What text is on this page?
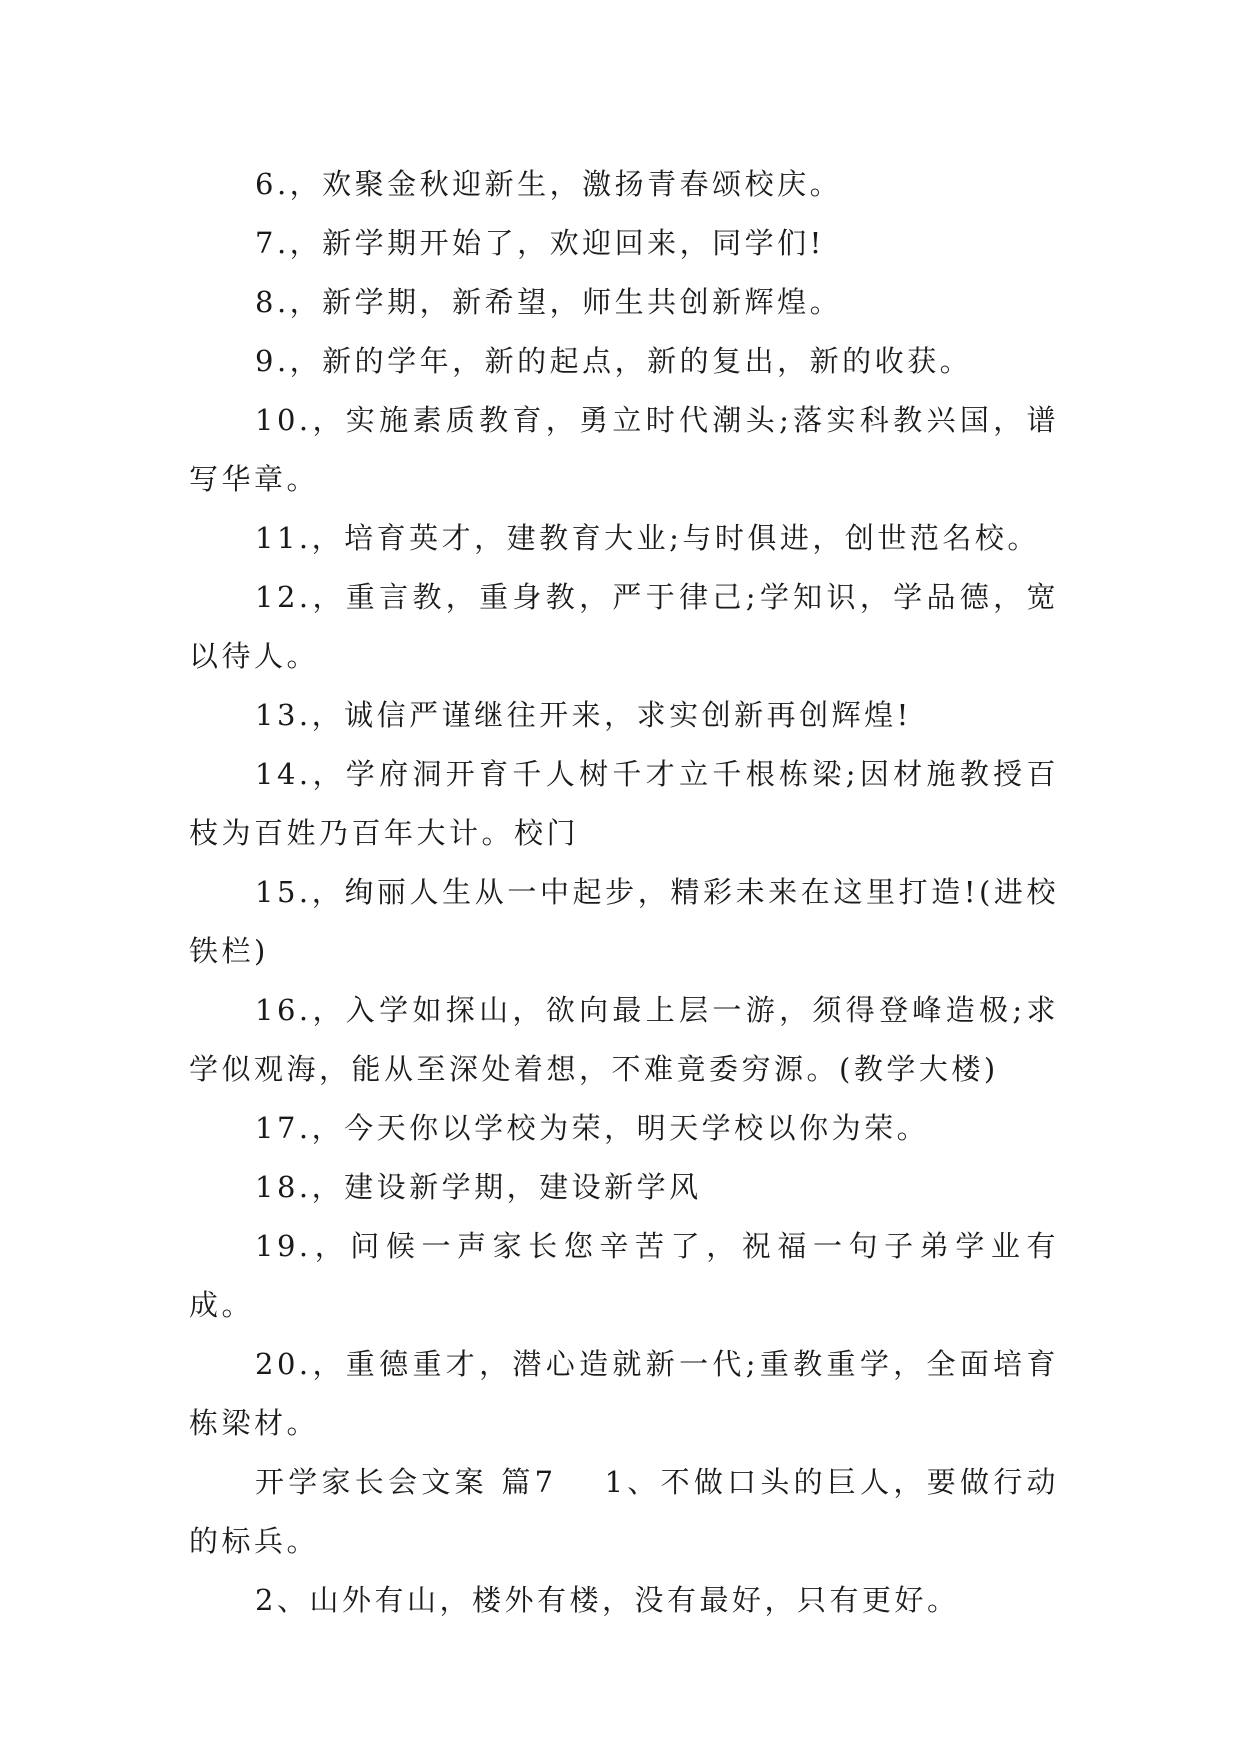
6.，欢聚金秋迎新生，激扬青春颂校庆。

7.，新学期开始了，欢迎回来，同学们!

8.，新学期，新希望，师生共创新辉煌。

9.，新的学年，新的起点，新的复出，新的收获。

10.，实施素质教育，勇立时代潮头;落实科教兴国，谱写华章。

11.，培育英才，建教育大业;与时俱进，创世范名校。

12.，重言教，重身教，严于律己;学知识，学品德，宽以待人。

13.，诚信严谨继往开来，求实创新再创辉煌!

14.，学府洞开育千人树千才立千根栋梁;因材施教授百枝为百姓乃百年大计。校门

15.，绚丽人生从一中起步，精彩未来在这里打造!(进校铁栏)

16.，入学如探山，欲向最上层一游，须得登峰造极;求学似观海，能从至深处着想，不难竟委穷源。(教学大楼)

17.，今天你以学校为荣，明天学校以你为荣。

18.，建设新学期，建设新学风

19.，问候一声家长您辛苦了，祝福一句子弟学业有成。

20.，重德重才，潜心造就新一代;重教重学，全面培育栋梁材。

开学家长会文案 篇7 1、不做口头的巨人，要做行动的标兵。

2、山外有山，楼外有楼，没有最好，只有更好。
